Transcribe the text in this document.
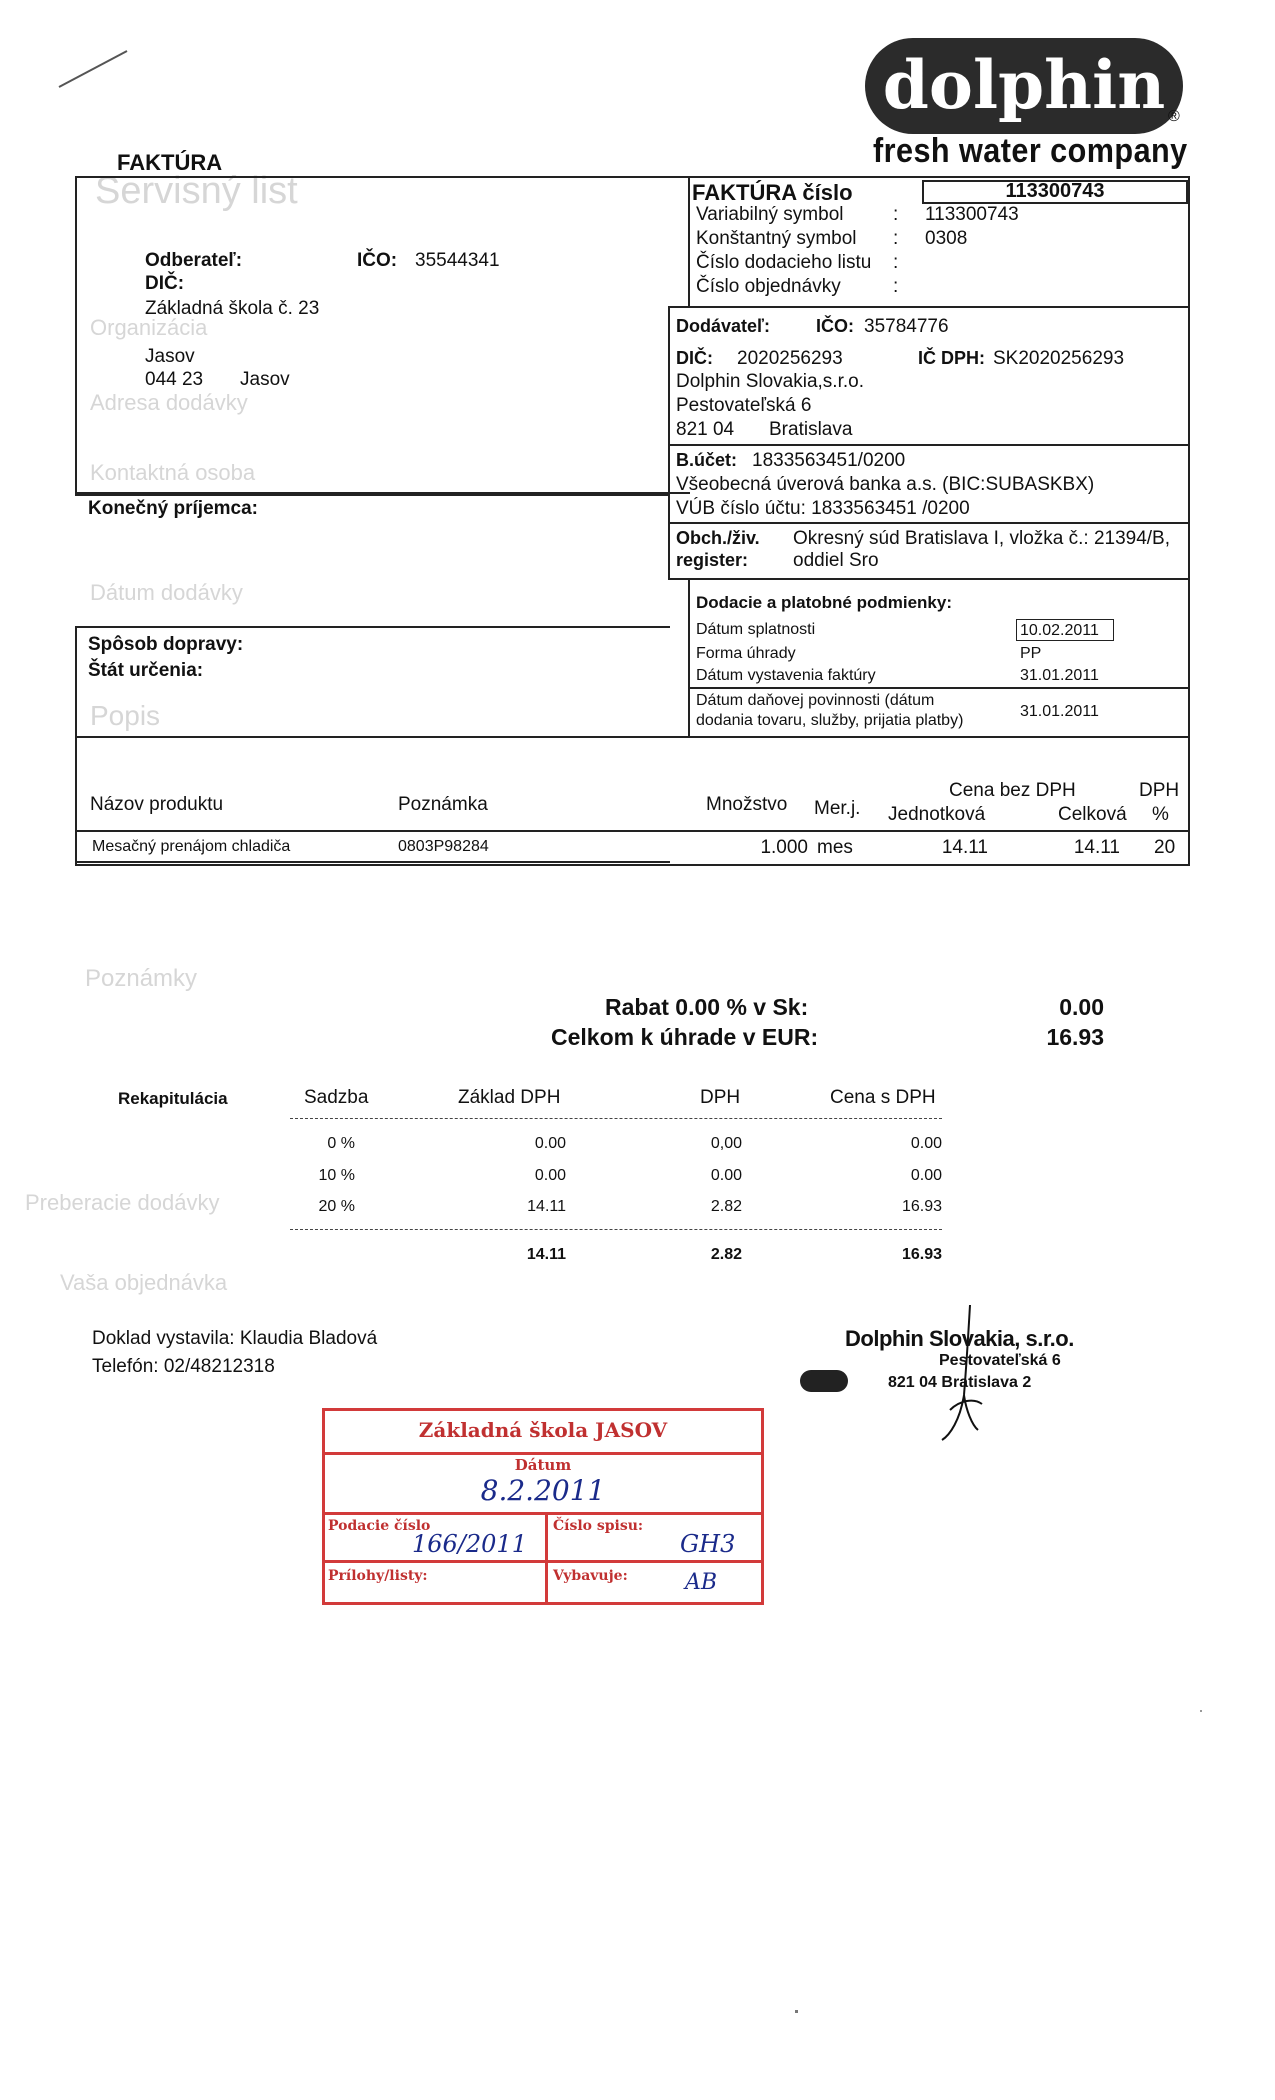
Servisný list
Organizácia
Adresa dodávky
Kontaktná osoba
Dátum dodávky
Popis
Poznámky
Preberacie dodávky
Vaša objednávka
FAKTÚRA
dolphin ®
fresh water company
Odberateľ:	IČO: 35544341
DIČ:
Základná škola č. 23
Jasov
044 23 Jasov
Konečný príjemca:
Spôsob dopravy:
Štát určenia:
FAKTÚRA číslo	113300743
Variabilný symbol	: 113300743
Konštantný symbol : 0308
Číslo dodacieho listu :
Číslo objednávky	:
Dodávateľ:	IČO: 35784776
DIČ: 2020256293	IČ DPH: SK2020256293
Dolphin Slovakia,s.r.o.
Pestovateľská 6
821 04 Bratislava
B.účet: 1833563451/0200
Všeobecná úverová banka a.s. (BIC:SUBASKBX)
VÚB číslo účtu: 1833563451 /0200
Obch./živ. Okresný súd Bratislava I, vložka č.: 21394/B,
register: oddiel Sro
Dodacie a platobné podmienky:
Dátum splatnosti	10.02.2011
Forma úhrady	PP
Dátum vystavenia faktúry	31.01.2011
Dátum daňovej povinnosti (dátum
dodania tovaru, služby, prijatia platby)
31.01.2011
Názov produktu	Poznámka	Množstvo Mer.j.
Cena bez DPH	DPH
Jednotková	Celková %
Mesačný prenájom chladiča	0803P98284	1.000 mes	14.11	14.11 20
Rabat 0.00 % v Sk:	0.00
Celkom k úhrade v EUR:	16.93
Rekapitulácia	Sadzba	Základ DPH	DPH	Cena s DPH
0 %	0.00	0,00	0.00
10 %	0.00	0.00	0.00
20 %	14.11	2.82	16.93
14.11	2.82	16.93
Doklad vystavila: Klaudia Bladová
Telefón: 02/48212318
Dolphin Slovakia, s.r.o.
Pestovateľská 6
821 04 Bratislava 2
Základná škola JASOV
Dátum
8.2.2011
Podacie číslo
166/2011
Číslo spisu:
GH3
Prílohy/listy:	Vybavuje:	AB
